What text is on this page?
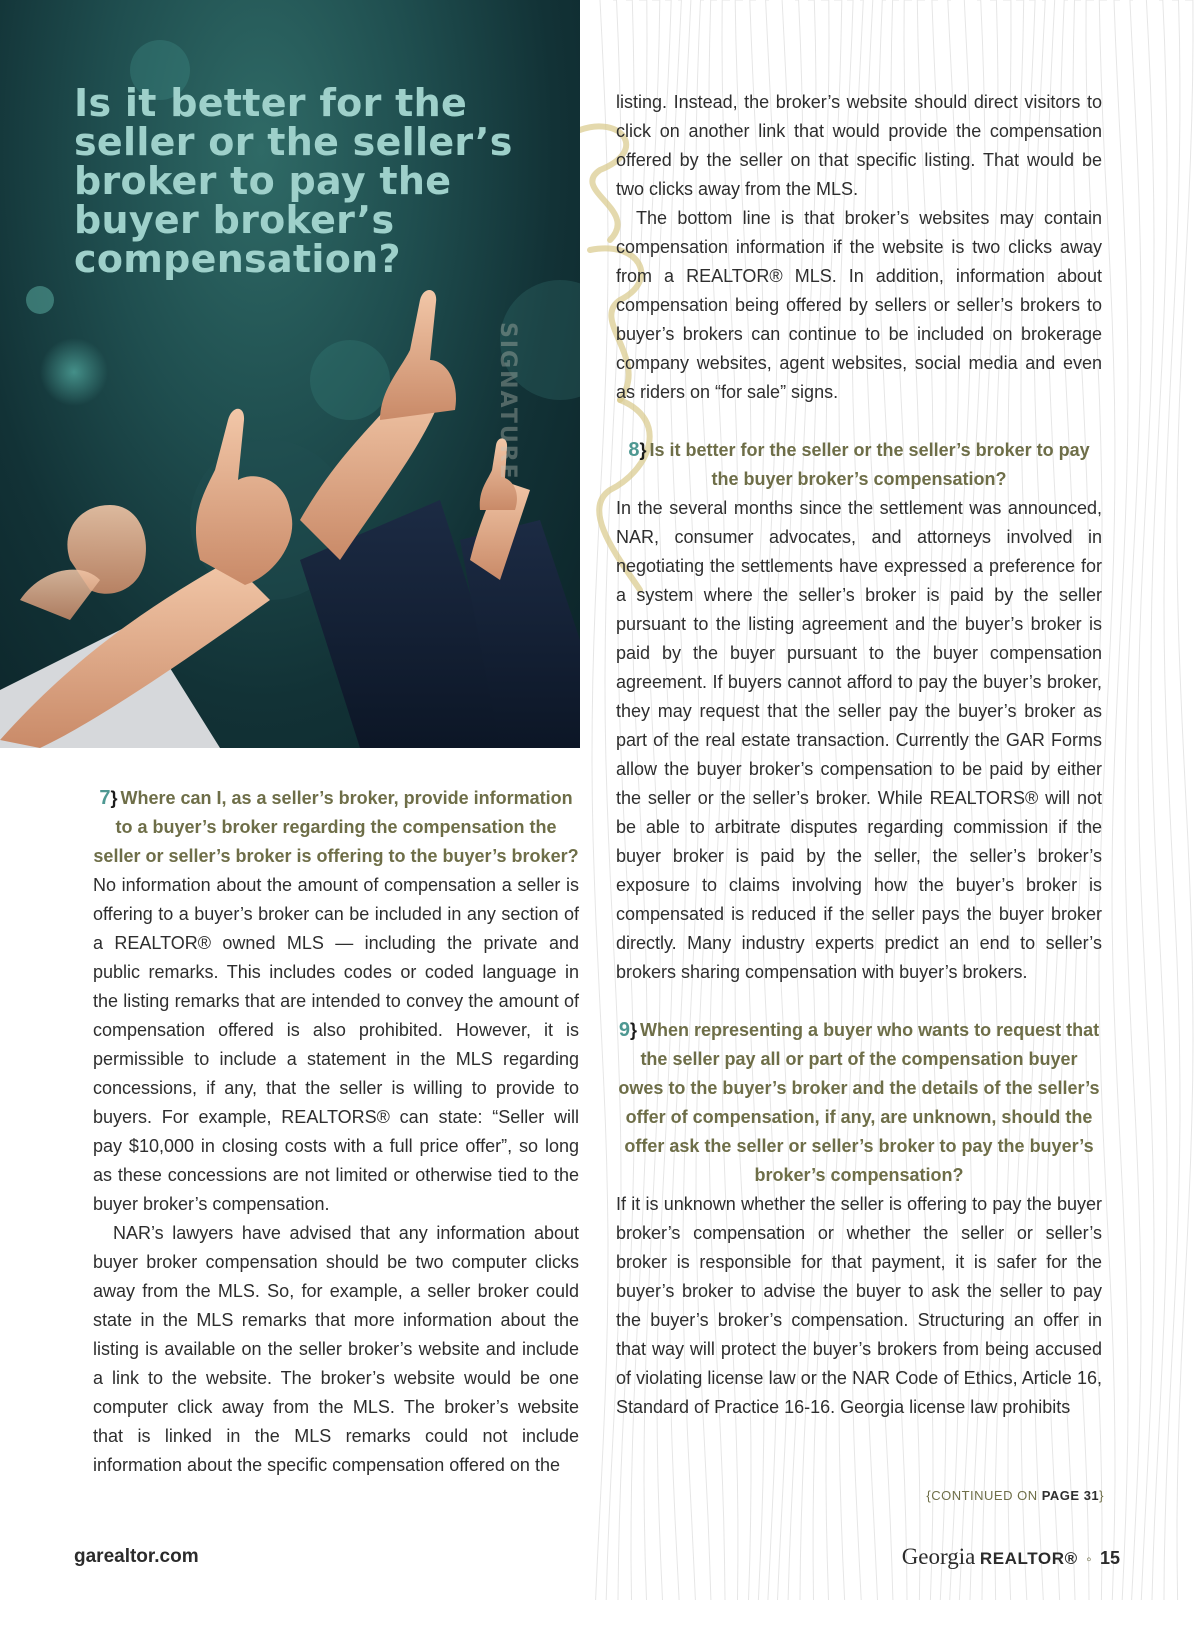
Is it better for the seller or the seller’s broker to pay the buyer broker’s compensation?
SIGNATURE

7} Where can I, as a seller’s broker, provide information to a buyer’s broker regarding the compensation the seller or seller’s broker is offering to the buyer’s broker?

No information about the amount of compensation a seller is offering to a buyer’s broker can be included in any section of a REALTOR® owned MLS — including the private and public remarks. This includes codes or coded language in the listing remarks that are intended to convey the amount of compensation offered is also prohibited. However, it is permissible to include a statement in the MLS regarding concessions, if any, that the seller is willing to provide to buyers. For example, REALTORS® can state: “Seller will pay $10,000 in closing costs with a full price offer”, so long as these concessions are not limited or otherwise tied to the buyer broker’s compensation.

NAR’s lawyers have advised that any information about buyer broker compensation should be two computer clicks away from the MLS. So, for example, a seller broker could state in the MLS remarks that more information about the listing is available on the seller broker’s website and include a link to the website. The broker’s website would be one computer click away from the MLS. The broker’s website that is linked in the MLS remarks could not include information about the specific compensation offered on the

listing. Instead, the broker’s website should direct visitors to click on another link that would provide the compensation offered by the seller on that specific listing. That would be two clicks away from the MLS.

The bottom line is that broker’s websites may contain compensation information if the website is two clicks away from a REALTOR® MLS. In addition, information about compensation being offered by sellers or seller’s brokers to buyer’s brokers can continue to be included on brokerage company websites, agent websites, social media and even as riders on “for sale” signs.

8} Is it better for the seller or the seller’s broker to pay the buyer broker’s compensation?

In the several months since the settlement was announced, NAR, consumer advocates, and attorneys involved in negotiating the settlements have expressed a preference for a system where the seller’s broker is paid by the seller pursuant to the listing agreement and the buyer’s broker is paid by the buyer pursuant to the buyer compensation agreement. If buyers cannot afford to pay the buyer’s broker, they may request that the seller pay the buyer’s broker as part of the real estate transaction. Currently the GAR Forms allow the buyer broker’s compensation to be paid by either the seller or the seller’s broker. While REALTORS® will not be able to arbitrate disputes regarding commission if the buyer broker is paid by the seller, the seller’s broker’s exposure to claims involving how the buyer’s broker is compensated is reduced if the seller pays the buyer broker directly. Many industry experts predict an end to seller’s brokers sharing compensation with buyer’s brokers.

9} When representing a buyer who wants to request that the seller pay all or part of the compensation buyer owes to the buyer’s broker and the details of the seller’s offer of compensation, if any, are unknown, should the offer ask the seller or seller’s broker to pay the buyer’s broker’s compensation?

If it is unknown whether the seller is offering to pay the buyer broker’s compensation or whether the seller or seller’s broker is responsible for that payment, it is safer for the buyer’s broker to advise the buyer to ask the seller to pay the buyer’s broker’s compensation. Structuring an offer in that way will protect the buyer’s brokers from being accused of violating license law or the NAR Code of Ethics, Article 16, Standard of Practice 16-16. Georgia license law prohibits

{CONTINUED ON PAGE 31}
garealtor.com	Georgia REALTOR® ◦ 15
